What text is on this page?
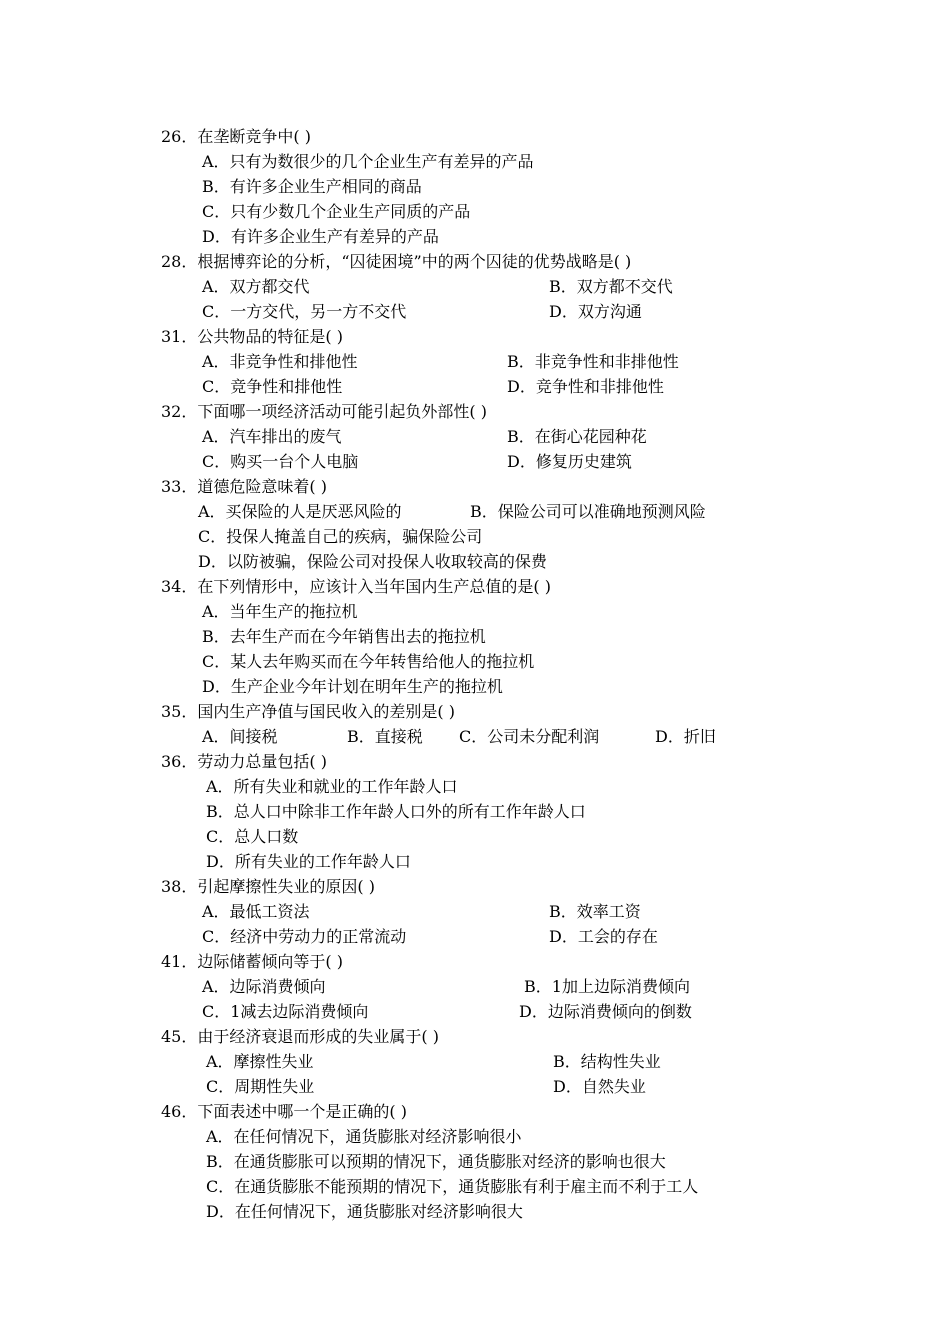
26．在垄断竞争中( )
A．只有为数很少的几个企业生产有差异的产品
B．有许多企业生产相同的商品
C．只有少数几个企业生产同质的产品
D．有许多企业生产有差异的产品
28．根据博弈论的分析，“囚徒困境”中的两个囚徒的优势战略是( )
A．双方都交代	B．双方都不交代
C．一方交代，另一方不交代	D．双方沟通
31．公共物品的特征是( )
A．非竞争性和排他性	B．非竞争性和非排他性
C．竞争性和排他性	D．竞争性和非排他性
32．下面哪一项经济活动可能引起负外部性( )
A．汽车排出的废气	B．在街心花园种花
C．购买一台个人电脑	D．修复历史建筑
33．道德危险意味着( )
A．买保险的人是厌恶风险的	B．保险公司可以准确地预测风险
C．投保人掩盖自己的疾病，骗保险公司
D．以防被骗，保险公司对投保人收取较高的保费
34．在下列情形中，应该计入当年国内生产总值的是( )
A．当年生产的拖拉机
B．去年生产而在今年销售出去的拖拉机
C．某人去年购买而在今年转售给他人的拖拉机
D．生产企业今年计划在明年生产的拖拉机
35．国内生产净值与国民收入的差别是( )
A．间接税	B．直接税 C．公司未分配利润	D．折旧
36．劳动力总量包括( )
A．所有失业和就业的工作年龄人口
B．总人口中除非工作年龄人口外的所有工作年龄人口
C．总人口数
D．所有失业的工作年龄人口
38．引起摩擦性失业的原因( )
A．最低工资法	B．效率工资
C．经济中劳动力的正常流动	D．工会的存在
41．边际储蓄倾向等于( )
A．边际消费倾向	B．1加上边际消费倾向
C．1减去边际消费倾向	D．边际消费倾向的倒数
45．由于经济衰退而形成的失业属于( )
A．摩擦性失业	B．结构性失业
C．周期性失业	D．自然失业
46．下面表述中哪一个是正确的( )
A．在任何情况下，通货膨胀对经济影响很小
B．在通货膨胀可以预期的情况下，通货膨胀对经济的影响也很大
C．在通货膨胀不能预期的情况下，通货膨胀有利于雇主而不利于工人
D．在任何情况下，通货膨胀对经济影响很大
